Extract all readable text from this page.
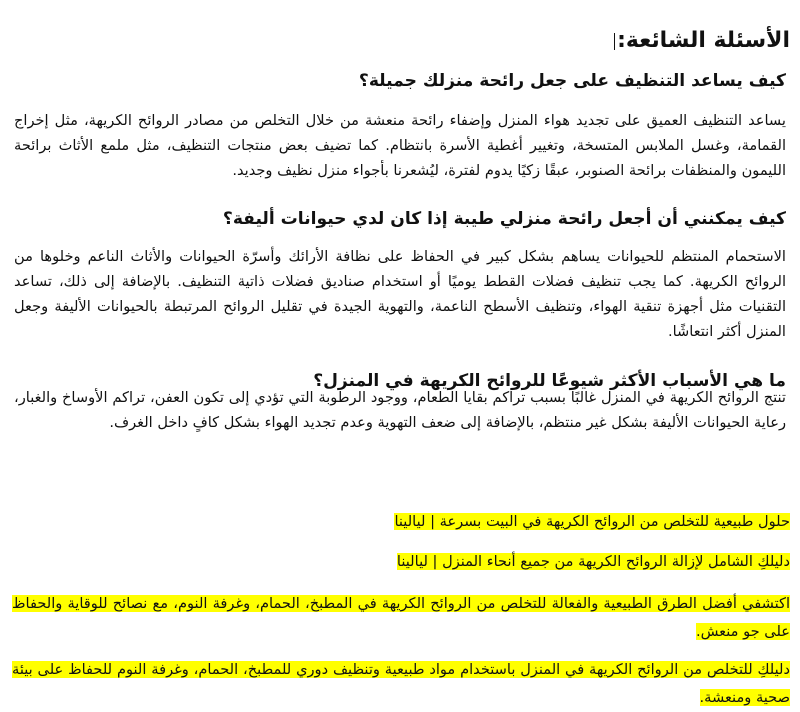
الأسئلة الشائعة:
كيف يساعد التنظيف على جعل رائحة منزلك جميلة؟

يساعد التنظيف العميق على تجديد هواء المنزل وإضفاء رائحة منعشة من خلال التخلص من مصادر الروائح الكريهة، مثل إخراج القمامة، وغسل الملابس المتسخة، وتغيير أغطية الأسرة بانتظام. كما تضيف بعض منتجات التنظيف، مثل ملمع الأثاث برائحة الليمون والمنظفات برائحة الصنوبر، عبقًا زكيًا يدوم لفترة، ليُشعرنا بأجواء منزل نظيف وجديد.

كيف يمكنني أن أجعل رائحة منزلي طيبة إذا كان لدي حيوانات أليفة؟

الاستحمام المنتظم للحيوانات يساهم بشكل كبير في الحفاظ على نظافة الأرائك وأسرّة الحيوانات والأثاث الناعم وخلوها من الروائح الكريهة. كما يجب تنظيف فضلات القطط يوميًا أو استخدام صناديق فضلات ذاتية التنظيف. بالإضافة إلى ذلك، تساعد التقنيات مثل أجهزة تنقية الهواء، وتنظيف الأسطح الناعمة، والتهوية الجيدة في تقليل الروائح المرتبطة بالحيوانات الأليفة وجعل المنزل أكثر انتعاشًا.

ما هي الأسباب الأكثر شيوعًا للروائح الكريهة في المنزل؟

تنتج الروائح الكريهة في المنزل غالبًا بسبب تراكم بقايا الطعام، ووجود الرطوبة التي تؤدي إلى تكون العفن، تراكم الأوساخ والغبار، رعاية الحيوانات الأليفة بشكل غير منتظم، بالإضافة إلى ضعف التهوية وعدم تجديد الهواء بشكل كافٍ داخل الغرف.

حلول طبيعية للتخلص من الروائح الكريهة في البيت بسرعة | ليالينا

دليلكِ الشامل لإزالة الروائح الكريهة من جميع أنحاء المنزل | ليالينا

اكتشفي أفضل الطرق الطبيعية والفعالة للتخلص من الروائح الكريهة في المطبخ، الحمام، وغرفة النوم، مع نصائح للوقاية والحفاظ على جو منعش.

دليلكِ للتخلص من الروائح الكريهة في المنزل باستخدام مواد طبيعية وتنظيف دوري للمطبخ، الحمام، وغرفة النوم للحفاظ على بيئة صحية ومنعشة.
